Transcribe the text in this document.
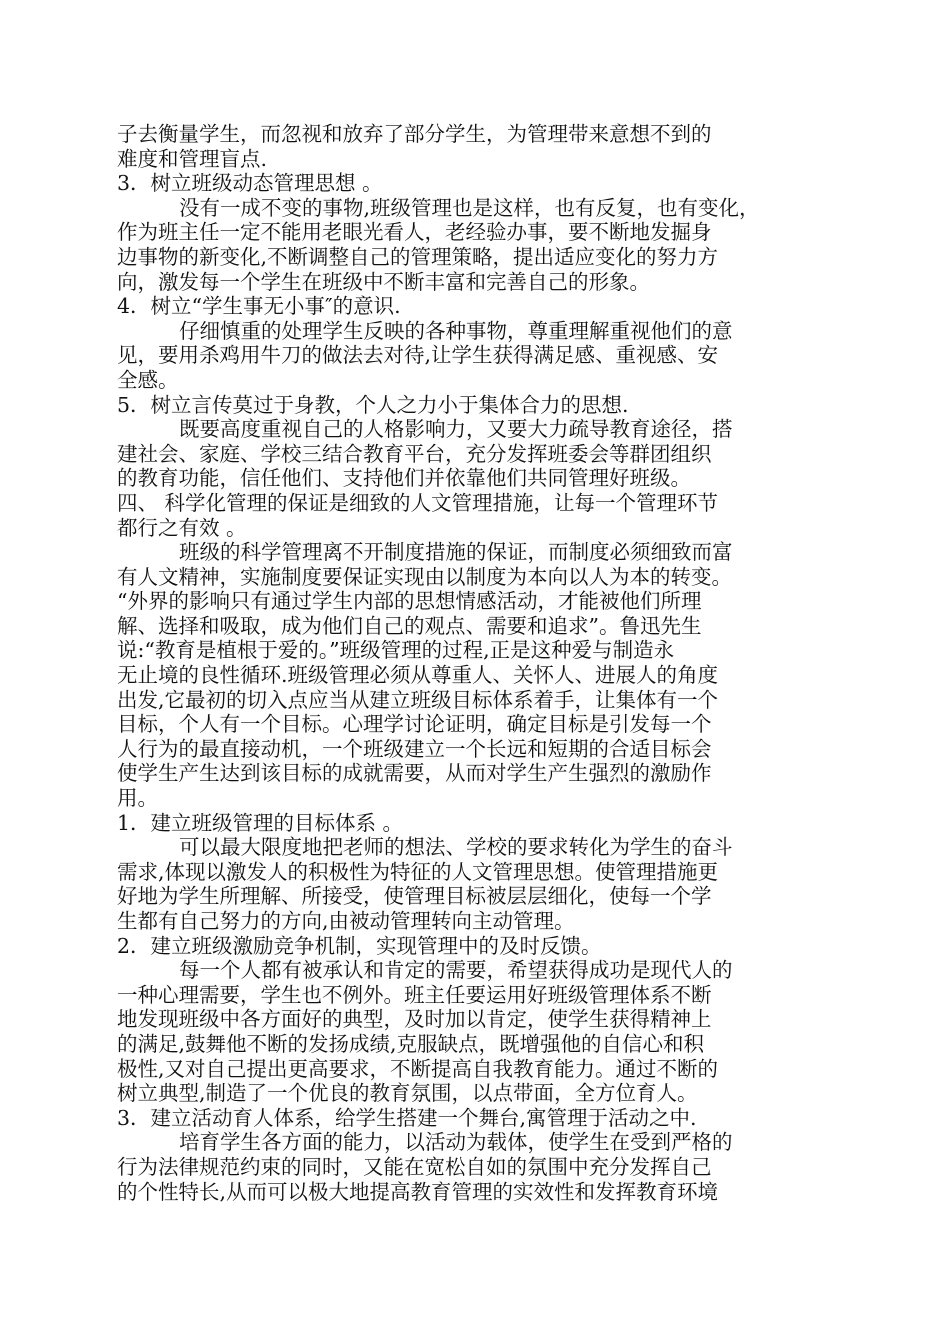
子去衡量学生，而忽视和放弃了部分学生，为管理带来意想不到的

难度和管理盲点.

3．树立班级动态管理思想 。

没有一成不变的事物,班级管理也是这样，也有反复，也有变化，

作为班主任一定不能用老眼光看人，老经验办事，要不断地发掘身

边事物的新变化,不断调整自己的管理策略，提出适应变化的努力方

向，激发每一个学生在班级中不断丰富和完善自己的形象。

4．树立“学生事无小事″的意识.

仔细慎重的处理学生反映的各种事物，尊重理解重视他们的意

见，要用杀鸡用牛刀的做法去对待,让学生获得满足感、重视感、安

全感。

5．树立言传莫过于身教，个人之力小于集体合力的思想.

既要高度重视自己的人格影响力，又要大力疏导教育途径，搭

建社会、家庭、学校三结合教育平台，充分发挥班委会等群团组织

的教育功能，信任他们、支持他们并依靠他们共同管理好班级。

四、 科学化管理的保证是细致的人文管理措施，让每一个管理环节

都行之有效 。

班级的科学管理离不开制度措施的保证，而制度必须细致而富

有人文精神，实施制度要保证实现由以制度为本向以人为本的转变。

“外界的影响只有通过学生内部的思想情感活动，才能被他们所理

解、选择和吸取，成为他们自己的观点、需要和追求”。鲁迅先生

说:“教育是植根于爱的。”班级管理的过程,正是这种爱与制造永

无止境的良性循环.班级管理必须从尊重人、关怀人、进展人的角度

出发,它最初的切入点应当从建立班级目标体系着手，让集体有一个

目标，个人有一个目标。心理学讨论证明，确定目标是引发每一个

人行为的最直接动机，一个班级建立一个长远和短期的合适目标会

使学生产生达到该目标的成就需要，从而对学生产生强烈的激励作

用。

1．建立班级管理的目标体系 。

可以最大限度地把老师的想法、学校的要求转化为学生的奋斗

需求,体现以激发人的积极性为特征的人文管理思想。使管理措施更

好地为学生所理解、所接受，使管理目标被层层细化，使每一个学

生都有自己努力的方向,由被动管理转向主动管理。

2．建立班级激励竞争机制，实现管理中的及时反馈。

每一个人都有被承认和肯定的需要，希望获得成功是现代人的

一种心理需要，学生也不例外。班主任要运用好班级管理体系不断

地发现班级中各方面好的典型，及时加以肯定，使学生获得精神上

的满足,鼓舞他不断的发扬成绩,克服缺点，既增强他的自信心和积

极性,又对自己提出更高要求，不断提高自我教育能力。通过不断的

树立典型,制造了一个优良的教育氛围，以点带面，全方位育人。

3．建立活动育人体系，给学生搭建一个舞台,寓管理于活动之中.

培育学生各方面的能力，以活动为载体，使学生在受到严格的

行为法律规范约束的同时，又能在宽松自如的氛围中充分发挥自己

的个性特长,从而可以极大地提高教育管理的实效性和发挥教育环境
